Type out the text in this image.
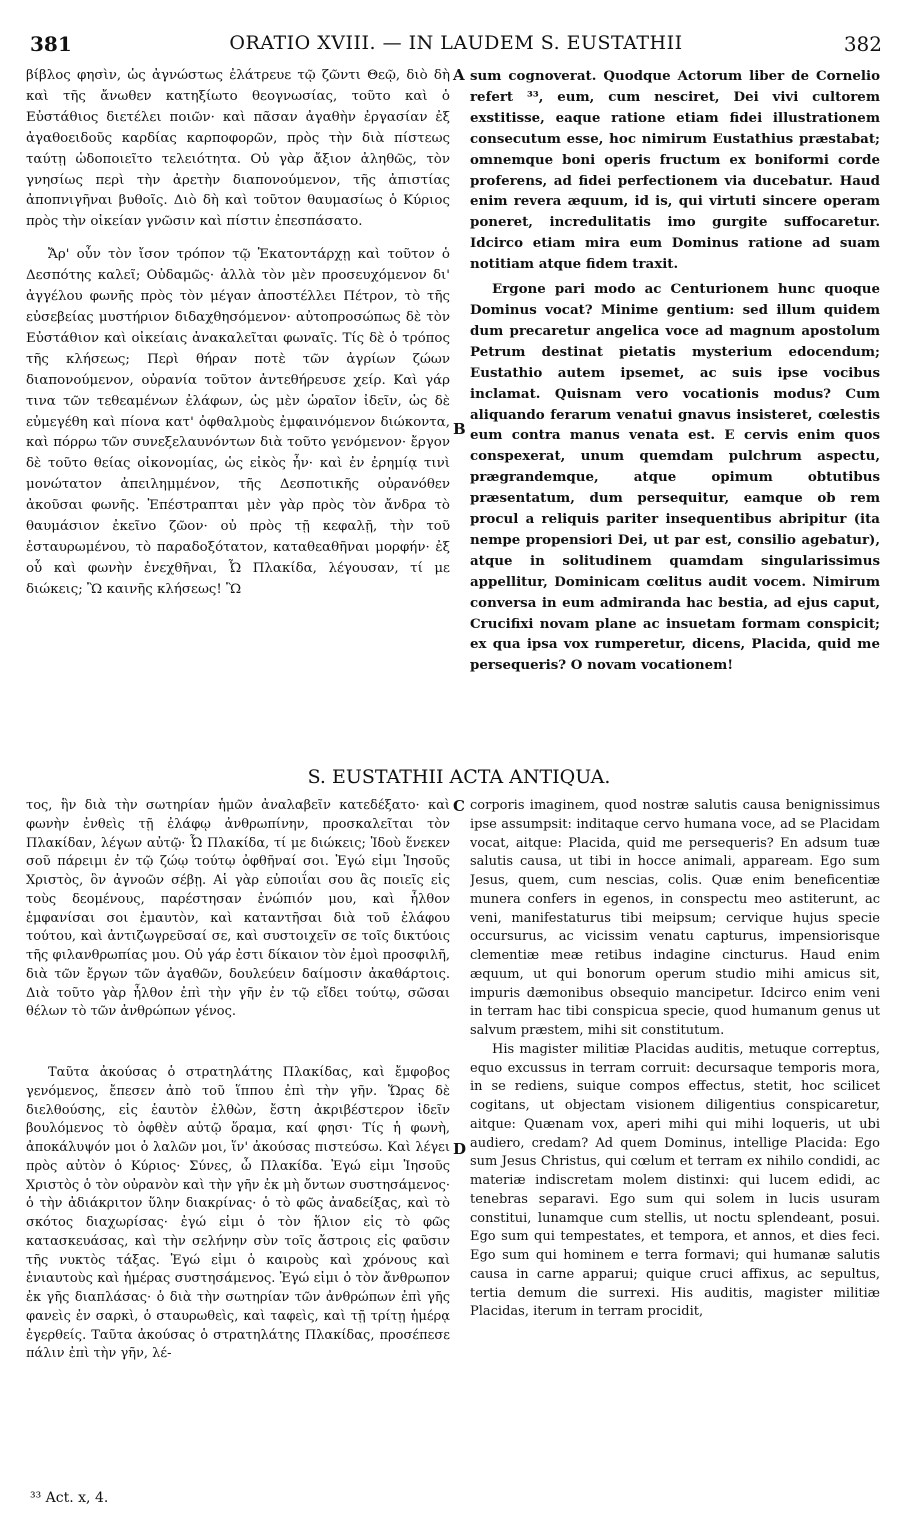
ORATIO XVIII. — IN LAUDEM S. EUSTATHII
381	382

βίβλος φησὶν, ὡς ἀγνώστως ἐλάτρευε τῷ ζῶντι Θεῷ, διὸ δὴ καὶ τῆς ἄνωθεν κατηξίωτο θεογνωσίας, τοῦτο καὶ ὁ Εὐστάθιος διετέλει ποιῶν· καὶ πᾶσαν ἀγαθὴν ἐργασίαν ἐξ ἀγαθοειδοῦς καρδίας καρποφορῶν, πρὸς τὴν διὰ πίστεως ταύτῃ ὡδοποιεῖτο τελειότητα. Οὐ γὰρ ἄξιον ἀληθῶς, τὸν γνησίως περὶ τὴν ἀρετὴν διαπονούμενον, τῆς ἀπιστίας ἀποπνιγῆναι βυθοῖς. Διὸ δὴ καὶ τοῦτον θαυμασίως ὁ Κύριος πρὸς τὴν οἰκείαν γνῶσιν καὶ πίστιν ἐπεσπάσατο.

Ἄρ' οὖν τὸν ἴσον τρόπον τῷ Ἑκατοντάρχῃ καὶ τοῦτον ὁ Δεσπότης καλεῖ; Οὐδαμῶς· ἀλλὰ τὸν μὲν προσευχόμενον δι' ἀγγέλου φωνῆς πρὸς τὸν μέγαν ἀποστέλλει Πέτρον, τὸ τῆς εὐσεβείας μυστήριον διδαχθησόμενον· αὐτοπροσώπως δὲ τὸν Εὐστάθιον καὶ οἰκείαις ἀνακαλεῖται φωναῖς. Τίς δὲ ὁ τρόπος τῆς κλήσεως; Περὶ θήραν ποτὲ τῶν ἀγρίων ζώων διαπονούμενον, οὐρανία τοῦτον ἀντεθήρευσε χείρ. Καὶ γάρ τινα τῶν τεθεαμένων ἐλάφων, ὡς μὲν ὡραῖον ἰδεῖν, ὡς δὲ εὐμεγέθη καὶ πίονα κατ' ὀφθαλμοὺς ἐμφαινόμενον διώκοντα, καὶ πόρρω τῶν συνεξελαυνόντων διὰ τοῦτο γενόμενον· ἔργον δὲ τοῦτο θείας οἰκονομίας, ὡς εἰκὸς ἦν· καὶ ἐν ἐρημίᾳ τινὶ μονώτατον ἀπειλημμένον, τῆς Δεσποτικῆς οὐρανόθεν ἀκοῦσαι φωνῆς. Ἐπέστραπται μὲν γὰρ πρὸς τὸν ἄνδρα τὸ θαυμάσιον ἐκεῖνο ζῶον· οὐ πρὸς τῇ κεφαλῇ, τὴν τοῦ ἐσταυρωμένου, τὸ παραδοξότατον, καταθεαθῆναι μορφήν· ἐξ οὗ καὶ φωνὴν ἐνεχθῆναι, Ὦ Πλακίδα, λέγουσαν, τί με διώκεις; Ὢ καινῆς κλήσεως! Ὢ

A
B

sum cognoverat. Quodque Actorum liber de Cornelio refert ³³, eum, cum nesciret, Dei vivi cultorem exstitisse, eaque ratione etiam fidei illustrationem consecutum esse, hoc nimirum Eustathius præstabat; omnemque boni operis fructum ex boniformi corde proferens, ad fidei perfectionem via ducebatur. Haud enim revera æquum, id is, qui virtuti sincere operam poneret, incredulitatis imo gurgite suffocaretur. Idcirco etiam mira eum Dominus ratione ad suam notitiam atque fidem traxit.

Ergone pari modo ac Centurionem hunc quoque Dominus vocat? Minime gentium: sed illum quidem dum precaretur angelica voce ad magnum apostolum Petrum destinat pietatis mysterium edocendum; Eustathio autem ipsemet, ac suis ipse vocibus inclamat. Quisnam vero vocationis modus? Cum aliquando ferarum venatui gnavus insisteret, cœlestis eum contra manus venata est. E cervis enim quos conspexerat, unum quemdam pulchrum aspectu, prægrandemque, atque opimum obtutibus præsentatum, dum persequitur, eamque ob rem procul a reliquis pariter insequentibus abripitur (ita nempe propensiori Dei, ut par est, consilio agebatur), atque in solitudinem quamdam singularissimus appellitur, Dominicam cœlitus audit vocem. Nimirum conversa in eum admiranda hac bestia, ad ejus caput, Crucifixi novam plane ac insuetam formam conspicit; ex qua ipsa vox rumperetur, dicens, Placida, quid me persequeris? O novam vocationem!

S. EUSTATHII ACTA ANTIQUA.
C
D

τος, ἣν διὰ τὴν σωτηρίαν ἡμῶν ἀναλαβεῖν κατεδέξατο· καὶ φωνὴν ἐνθεὶς τῇ ἐλάφῳ ἀνθρωπίνην, προσκαλεῖται τὸν Πλακίδαν, λέγων αὐτῷ· Ὦ Πλακίδα, τί με διώκεις; Ἰδοὺ ἕνεκεν σοῦ πάρειμι ἐν τῷ ζώῳ τούτῳ ὀφθῆναί σοι. Ἐγώ εἰμι Ἰησοῦς Χριστὸς, ὃν ἀγνοῶν σέβῃ. Αἱ γὰρ εὐποιΐαι σου ἃς ποιεῖς εἰς τοὺς δεομένους, παρέστησαν ἐνώπιόν μου, καὶ ἦλθον ἐμφανίσαι σοι ἐμαυτὸν, καὶ καταντῆσαι διὰ τοῦ ἐλάφου τούτου, καὶ ἀντιζωγρεῦσαί σε, καὶ συστοιχεῖν σε τοῖς δικτύοις τῆς φιλανθρωπίας μου. Οὐ γάρ ἐστι δίκαιον τὸν ἐμοὶ προσφιλῆ, διὰ τῶν ἔργων τῶν ἀγαθῶν, δουλεύειν δαίμοσιν ἀκαθάρτοις. Διὰ τοῦτο γὰρ ἦλθον ἐπὶ τὴν γῆν ἐν τῷ εἴδει τούτῳ, σῶσαι θέλων τὸ τῶν ἀνθρώπων γένος.

Ταῦτα ἀκούσας ὁ στρατηλάτης Πλακίδας, καὶ ἔμφοβος γενόμενος, ἔπεσεν ἀπὸ τοῦ ἵππου ἐπὶ τὴν γῆν. Ὥρας δὲ διελθούσης, εἰς ἑαυτὸν ἐλθὼν, ἔστη ἀκριβέστερον ἰδεῖν βουλόμενος τὸ ὀφθὲν αὐτῷ ὅραμα, καί φησι· Τίς ἡ φωνὴ, ἀποκάλυψόν μοι ὁ λαλῶν μοι, ἵν' ἀκούσας πιστεύσω. Καὶ λέγει πρὸς αὐτὸν ὁ Κύριος· Σύνες, ὦ Πλακίδα. Ἐγώ εἰμι Ἰησοῦς Χριστὸς ὁ τὸν οὐρανὸν καὶ τὴν γῆν ἐκ μὴ ὄντων συστησάμενος· ὁ τὴν ἀδιάκριτον ὕλην διακρίνας· ὁ τὸ φῶς ἀναδείξας, καὶ τὸ σκότος διαχωρίσας· ἐγώ εἰμι ὁ τὸν ἥλιον εἰς τὸ φῶς κατασκευάσας, καὶ τὴν σελήνην σὺν τοῖς ἄστροις εἰς φαῦσιν τῆς νυκτὸς τάξας. Ἐγώ εἰμι ὁ καιροὺς καὶ χρόνους καὶ ἐνιαυτοὺς καὶ ἡμέρας συστησάμενος. Ἐγώ εἰμι ὁ τὸν ἄνθρωπον ἐκ γῆς διαπλάσας· ὁ διὰ τὴν σωτηρίαν τῶν ἀνθρώπων ἐπὶ γῆς φανεὶς ἐν σαρκὶ, ὁ σταυρωθεὶς, καὶ ταφεὶς, καὶ τῇ τρίτῃ ἡμέρᾳ ἐγερθείς. Ταῦτα ἀκούσας ὁ στρατηλάτης Πλακίδας, προσέπεσε πάλιν ἐπὶ τὴν γῆν, λέ-

corporis imaginem, quod nostræ salutis causa benignissimus ipse assumpsit: inditaque cervo humana voce, ad se Placidam vocat, aitque: Placida, quid me persequeris? En adsum tuæ salutis causa, ut tibi in hocce animali, appaream. Ego sum Jesus, quem, cum nescias, colis. Quæ enim beneficentiæ munera confers in egenos, in conspectu meo astiterunt, ac veni, manifestaturus tibi meipsum; cervique hujus specie occursurus, ac vicissim venatu capturus, impensiorisque clementiæ meæ retibus indagine cincturus. Haud enim æquum, ut qui bonorum operum studio mihi amicus sit, impuris dæmonibus obsequio mancipetur. Idcirco enim veni in terram hac tibi conspicua specie, quod humanum genus ut salvum præstem, mihi sit constitutum.

His magister militiæ Placidas auditis, metuque correptus, equo excussus in terram corruit: decursaque temporis mora, in se rediens, suique compos effectus, stetit, hoc scilicet cogitans, ut objectam visionem diligentius conspicaretur, aitque: Quænam vox, aperi mihi qui mihi loqueris, ut ubi audiero, credam? Ad quem Dominus, intellige Placida: Ego sum Jesus Christus, qui cœlum et terram ex nihilo condidi, ac materiæ indiscretam molem distinxi: qui lucem edidi, ac tenebras separavi. Ego sum qui solem in lucis usuram constitui, lunamque cum stellis, ut noctu splendeant, posui. Ego sum qui tempestates, et tempora, et annos, et dies feci. Ego sum qui hominem e terra formavi; qui humanæ salutis causa in carne apparui; quique cruci affixus, ac sepultus, tertia demum die surrexi. His auditis, magister militiæ Placidas, iterum in terram procidit,

³³ Act. x, 4.
